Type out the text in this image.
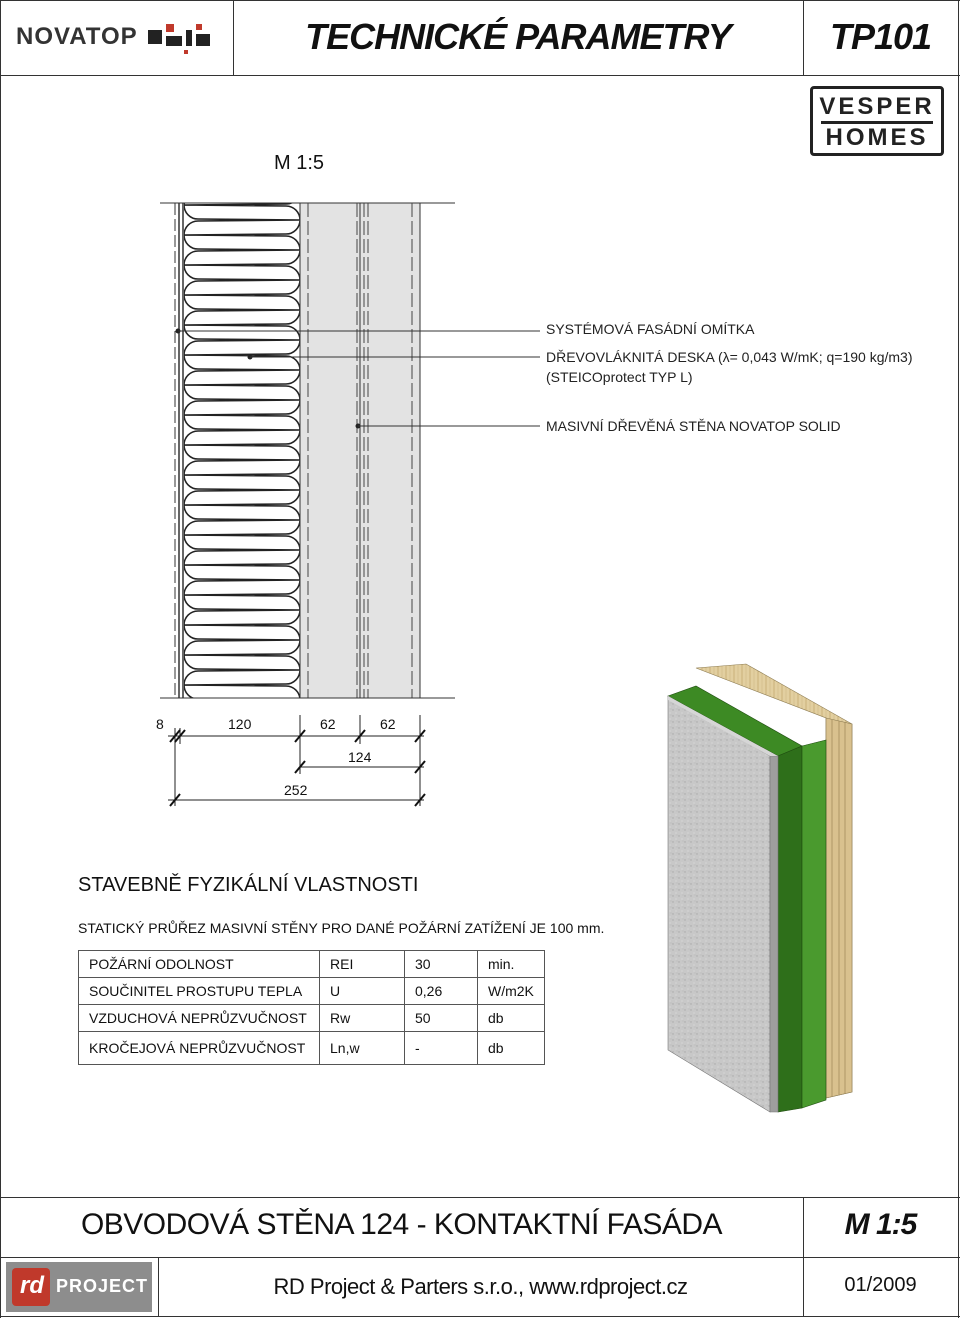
NOVATOP	TECHNICKÉ PARAMETRY	TP101
VESPER
HOMES
M 1:5
SYSTÉMOVÁ FASÁDNÍ OMÍTKA
DŘEVOVLÁKNITÁ DESKA (λ= 0,043 W/mK; q=190 kg/m3)
(STEICOprotect TYP L)
MASIVNÍ DŘEVĚNÁ STĚNA NOVATOP SOLID
8	120	62	62
124
252
STAVEBNĚ FYZIKÁLNÍ VLASTNOSTI
STATICKÝ PRŮŘEZ MASIVNÍ STĚNY PRO DANÉ POŽÁRNÍ ZATÍŽENÍ JE 100 mm.
POŽÁRNÍ ODOLNOST	REI	30	min.
SOUČINITEL PROSTUPU TEPLA	U	0,26	W/m2K
VZDUCHOVÁ NEPRŮZVUČNOST	Rw	50	db
KROČEJOVÁ NEPRŮZVUČNOST	Ln,w	-	db
OBVODOVÁ STĚNA 124 - KONTAKTNÍ FASÁDA	M 1:5
rd PROJECT	RD Project & Parters s.r.o., www.rdproject.cz	01/2009
